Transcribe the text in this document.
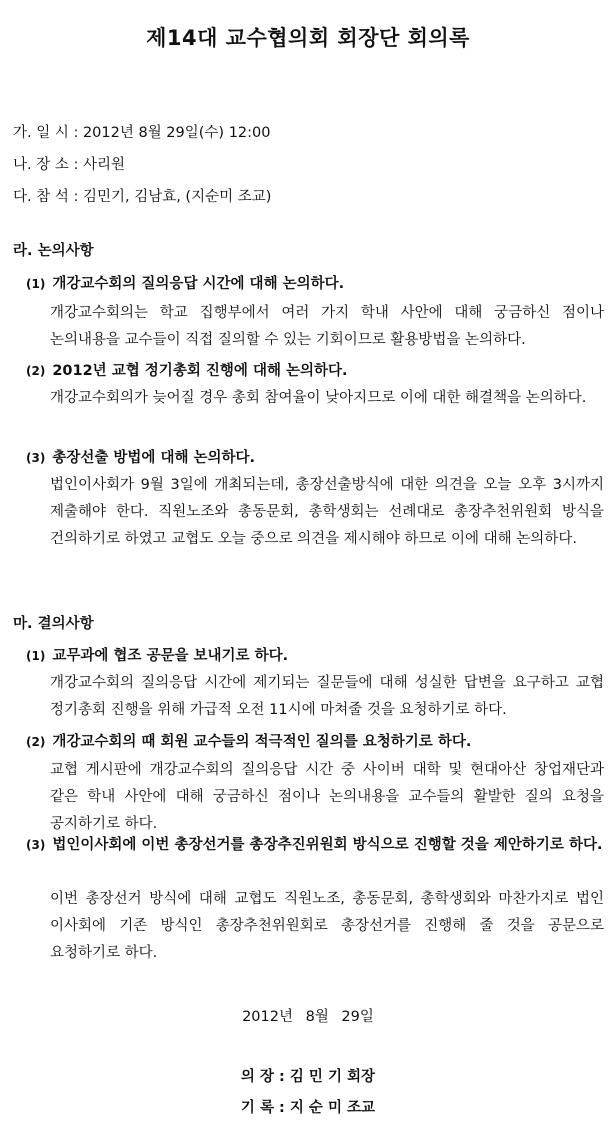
제14대 교수협의회 회장단 회의록
가. 일 시 : 2012년 8월 29일(수) 12:00
나. 장 소 : 사리원
다. 참 석 : 김민기, 김남효, (지순미 조교)
라. 논의사항
(1) 개강교수회의 질의응답 시간에 대해 논의하다.
개강교수회의는 학교 집행부에서 여러 가지 학내 사안에 대해 궁금하신 점이나 논의내용을 교수들이 직접 질의할 수 있는 기회이므로 활용방법을 논의하다.
(2) 2012년 교협 정기총회 진행에 대해 논의하다.
개강교수회의가 늦어질 경우 총회 참여율이 낮아지므로 이에 대한 해결책을 논의하다.
(3) 총장선출 방법에 대해 논의하다.
법인이사회가 9월 3일에 개최되는데, 총장선출방식에 대한 의견을 오늘 오후 3시까지 제출해야 한다. 직원노조와 총동문회, 총학생회는 선례대로 총장추천위원회 방식을 건의하기로 하였고 교협도 오늘 중으로 의견을 제시해야 하므로 이에 대해 논의하다.
마. 결의사항
(1) 교무과에 협조 공문을 보내기로 하다.
개강교수회의 질의응답 시간에 제기되는 질문들에 대해 성실한 답변을 요구하고 교협 정기총회 진행을 위해 가급적 오전 11시에 마쳐줄 것을 요청하기로 하다.
(2) 개강교수회의 때 회원 교수들의 적극적인 질의를 요청하기로 하다.
교협 게시판에 개강교수회의 질의응답 시간 중 사이버 대학 및 현대아산 창업재단과 같은 학내 사안에 대해 궁금하신 점이나 논의내용을 교수들의 활발한 질의 요청을 공지하기로 하다.
(3) 법인이사회에 이번 총장선거를 총장추진위원회 방식으로 진행할 것을 제안하기로 하다.
이번 총장선거 방식에 대해 교협도 직원노조, 총동문회, 총학생회와 마찬가지로 법인 이사회에 기존 방식인 총장추천위원회로 총장선거를 진행해 줄 것을 공문으로 요청하기로 하다.
2012년 8월 29일
의 장 : 김 민 기 회장
기 록 : 지 순 미 조교
